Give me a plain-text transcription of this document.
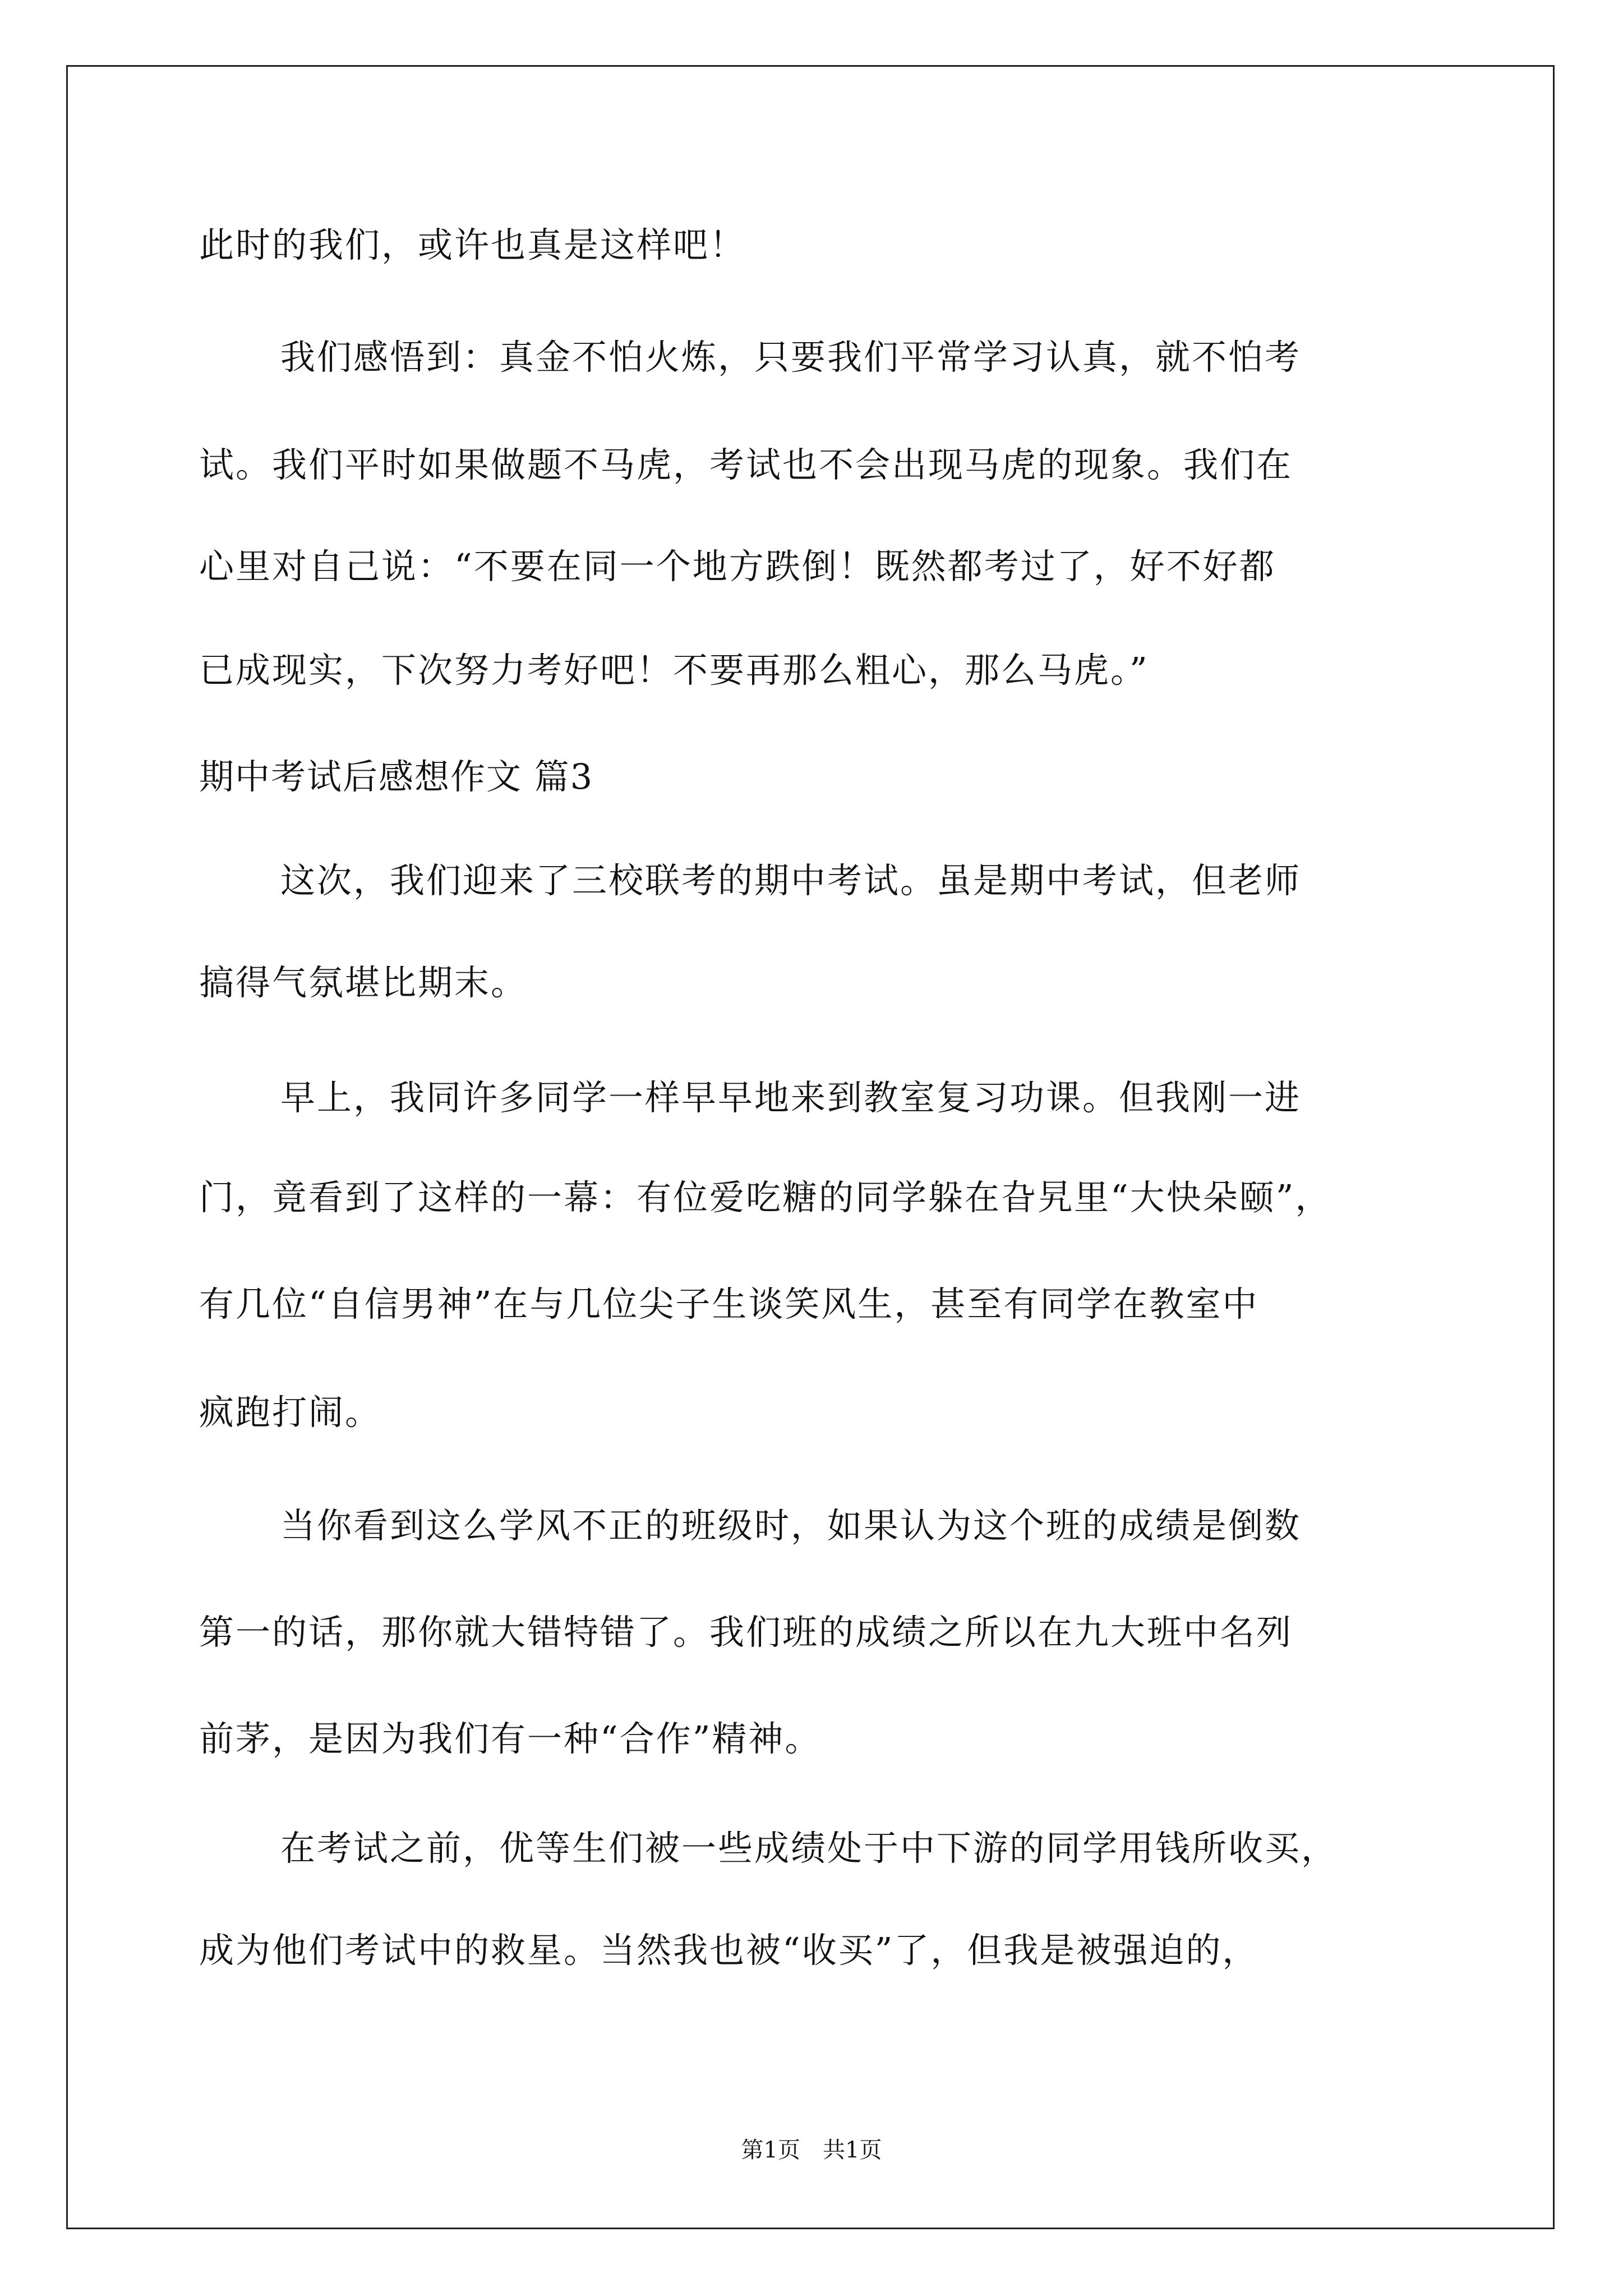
此时的我们，或许也真是这样吧！
我们感悟到：真金不怕火炼，只要我们平常学习认真，就不怕考
试。我们平时如果做题不马虎，考试也不会出现马虎的现象。我们在
心里对自己说：“不要在同一个地方跌倒！既然都考过了，好不好都
已成现实，下次努力考好吧！不要再那么粗心，那么马虎。”
期中考试后感想作文 篇3
这次，我们迎来了三校联考的期中考试。虽是期中考试，但老师
搞得气氛堪比期末。
早上，我同许多同学一样早早地来到教室复习功课。但我刚一进
门，竟看到了这样的一幕：有位爱吃糖的同学躲在旮旯里“大快朵颐”，
有几位“自信男神”在与几位尖子生谈笑风生，甚至有同学在教室中
疯跑打闹。
当你看到这么学风不正的班级时，如果认为这个班的成绩是倒数
第一的话，那你就大错特错了。我们班的成绩之所以在九大班中名列
前茅，是因为我们有一种“合作”精神。
在考试之前，优等生们被一些成绩处于中下游的同学用钱所收买，
成为他们考试中的救星。当然我也被“收买”了，但我是被强迫的，
第1页　共1页
